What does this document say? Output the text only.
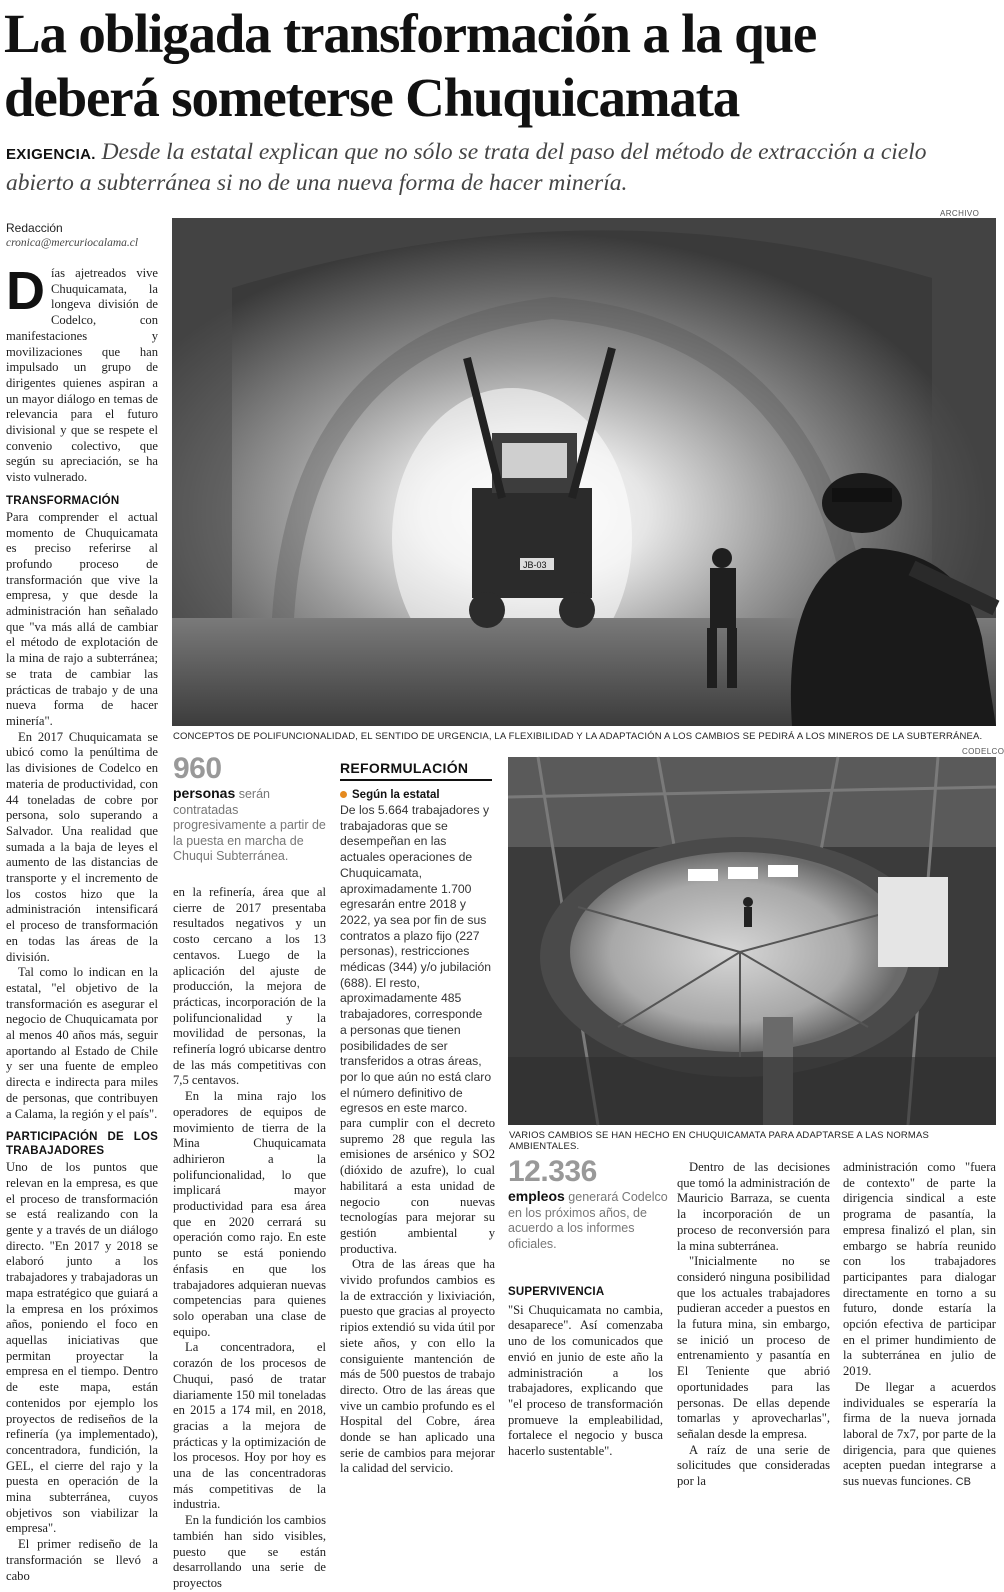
La obligada transformación a la que
deberá someterse Chuquicamata
EXIGENCIA. Desde la estatal explican que no sólo se trata del paso del método de extracción a cielo abierto a subterránea si no de una nueva forma de hacer minería.
Redacción
cronica@mercuriocalama.cl
ARCHIVO
JB-03
CONCEPTOS DE POLIFUNCIONALIDAD, EL SENTIDO DE URGENCIA, LA FLEXIBILIDAD Y LA ADAPTACIÓN A LOS CAMBIOS SE PEDIRÁ A LOS MINEROS DE LA SUBTERRÁNEA.

Días ajetreados vive Chuquicamata, la longeva división de Codelco, con manifestaciones y movilizaciones que han impulsado un grupo de dirigentes quienes aspiran a un mayor diálogo en temas de relevancia para el futuro divisional y que se respete el convenio colectivo, que según su apreciación, se ha visto vulnerado.

TRANSFORMACIÓN

Para comprender el actual momento de Chuquicamata es preciso referirse al profundo proceso de transformación que vive la empresa, y que desde la administración han señalado que "va más allá de cambiar el método de explotación de la mina de rajo a subterránea; se trata de cambiar las prácticas de trabajo y de una nueva forma de hacer minería".

En 2017 Chuquicamata se ubicó como la penúltima de las divisiones de Codelco en materia de productividad, con 44 toneladas de cobre por persona, solo superando a Salvador. Una realidad que sumada a la baja de leyes el aumento de las distancias de transporte y el incremento de los costos hizo que la administración intensificará el proceso de transformación en todas las áreas de la división.

Tal como lo indican en la estatal, "el objetivo de la transformación es asegurar el negocio de Chuquicamata por al menos 40 años más, seguir aportando al Estado de Chile y ser una fuente de empleo directa e indirecta para miles de personas, que contribuyen a Calama, la región y el país".

PARTICIPACIÓN DE LOS TRABAJADORES

Uno de los puntos que relevan en la empresa, es que el proceso de transformación se está realizando con la gente y a través de un diálogo directo. "En 2017 y 2018 se elaboró junto a los trabajadores y trabajadoras un mapa estratégico que guiará a la empresa en los próximos años, poniendo el foco en aquellas iniciativas que permitan proyectar la empresa en el tiempo. Dentro de este mapa, están contenidos por ejemplo los proyectos de rediseños de la refinería (ya implementado), concentradora, fundición, la GEL, el cierre del rajo y la puesta en operación de la mina subterránea, cuyos objetivos son viabilizar la empresa".

El primer rediseño de la transformación se llevó a cabo

960
personas serán contratadas progresivamente a partir de la puesta en marcha de Chuqui Subterránea.

en la refinería, área que al cierre de 2017 presentaba resultados negativos y un costo cercano a los 13 centavos. Luego de la aplicación del ajuste de producción, la mejora de prácticas, incorporación de la polifuncionalidad y la movilidad de personas, la refinería logró ubicarse dentro de las más competitivas con 7,5 centavos.

En la mina rajo los operadores de equipos de movimiento de tierra de la Mina Chuquicamata adhirieron a la polifuncionalidad, lo que implicará mayor productividad para esa área que en 2020 cerrará su operación como rajo. En este punto se está poniendo énfasis en que los trabajadores adquieran nuevas competencias para quienes solo operaban una clase de equipo.

La concentradora, el corazón de los procesos de Chuqui, pasó de tratar diariamente 150 mil toneladas en 2015 a 174 mil, en 2018, gracias a la mejora de prácticas y la optimización de los procesos. Hoy por hoy es una de las concentradoras más competitivas de la industria.

En la fundición los cambios también han sido visibles, puesto que se están desarrollando una serie de proyectos

REFORMULACIÓN
Según la estatal
De los 5.664 trabajadores y trabajadoras que se desempeñan en las actuales operaciones de Chuquicamata, aproximadamente 1.700 egresarán entre 2018 y 2022, ya sea por fin de sus contratos a plazo fijo (227 personas), restricciones médicas (344) y/o jubilación (688). El resto, aproximadamente 485 trabajadores, corresponde a personas que tienen posibilidades de ser transferidos a otras áreas, por lo que aún no está claro el número definitivo de egresos en este marco.
CODELCO
VARIOS CAMBIOS SE HAN HECHO EN CHUQUICAMATA PARA ADAPTARSE A LAS NORMAS AMBIENTALES.

para cumplir con el decreto supremo 28 que regula las emisiones de arsénico y SO2 (dióxido de azufre), lo cual habilitará a esta unidad de negocio con nuevas tecnologías para mejorar su gestión ambiental y productiva.

Otra de las áreas que ha vivido profundos cambios es la de extracción y lixiviación, puesto que gracias al proyecto ripios extendió su vida útil por siete años, y con ello la consiguiente mantención de más de 500 puestos de trabajo directo. Otro de las áreas que vive un cambio profundo es el Hospital del Cobre, área donde se han aplicado una serie de cambios para mejorar la calidad del servicio.

12.336
empleos generará Codelco en los próximos años, de acuerdo a los informes oficiales.
SUPERVIVENCIA

"Si Chuquicamata no cambia, desaparece". Así comenzaba uno de los comunicados que envió en junio de este año la administración a los trabajadores, explicando que "el proceso de transformación promueve la empleabilidad, fortalece el negocio y busca hacerlo sustentable".

Dentro de las decisiones que tomó la administración de Mauricio Barraza, se cuenta la incorporación de un proceso de reconversión para la mina subterránea.

"Inicialmente no se consideró ninguna posibilidad que los actuales trabajadores pudieran acceder a puestos en la futura mina, sin embargo, se inició un proceso de entrenamiento y pasantía en El Teniente que abrió oportunidades para las personas. De ellas depende tomarlas y aprovecharlas", señalan desde la empresa.

A raíz de una serie de solicitudes que consideradas por la

administración como "fuera de contexto" de parte la dirigencia sindical a este programa de pasantía, la empresa finalizó el plan, sin embargo se habría reunido con los trabajadores participantes para dialogar directamente en torno a su futuro, donde estaría la opción efectiva de participar en el primer hundimiento de la subterránea en julio de 2019.

De llegar a acuerdos individuales se esperaría la firma de la nueva jornada laboral de 7x7, por parte de la dirigencia, para que quienes acepten puedan integrarse a sus nuevas funciones. CB
